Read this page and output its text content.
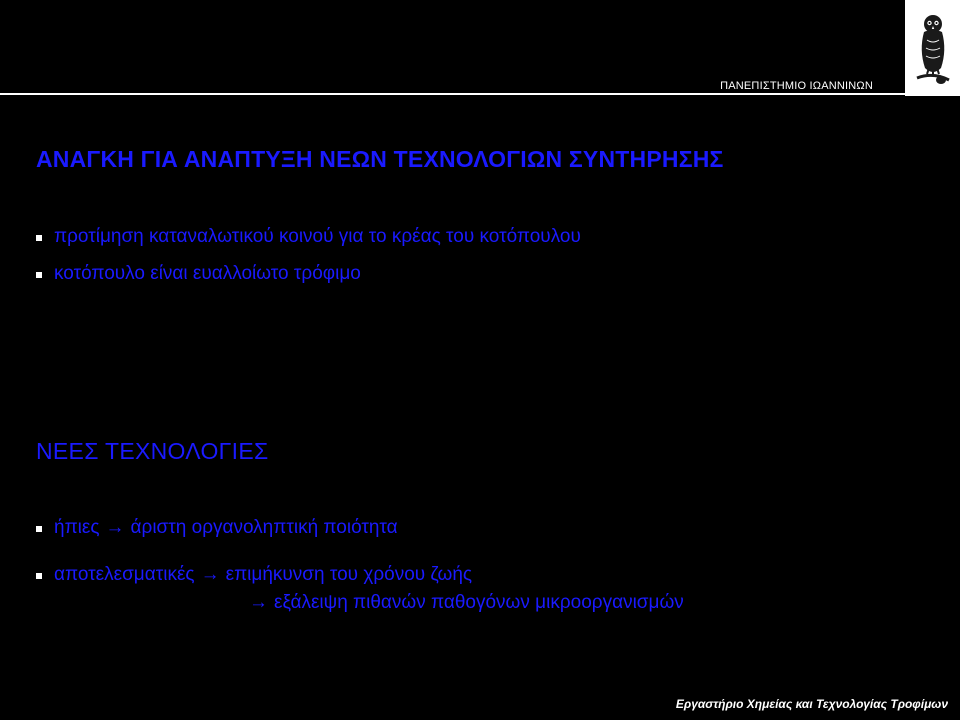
ΠΑΝΕΠΙΣΤΗΜΙΟ ΙΩΑΝΝΙΝΩΝ
ΑΝΑΓΚΗ ΓΙΑ ΑΝΑΠΤΥΞΗ ΝΕΩΝ ΤΕΧΝΟΛΟΓΙΩΝ ΣΥΝΤΗΡΗΣΗΣ
προτίμηση καταναλωτικού κοινού για το κρέας του κοτόπουλου
κοτόπουλο είναι ευαλλοίωτο τρόφιμο
ΝΕΕΣ ΤΕΧΝΟΛΟΓΙΕΣ
ήπιες → άριστη οργανοληπτική ποιότητα
αποτελεσματικές → επιμήκυνση του χρόνου ζωής
→ εξάλειψη πιθανών παθογόνων μικροοργανισμών
Εργαστήριο Χημείας και Τεχνολογίας Τροφίμων
